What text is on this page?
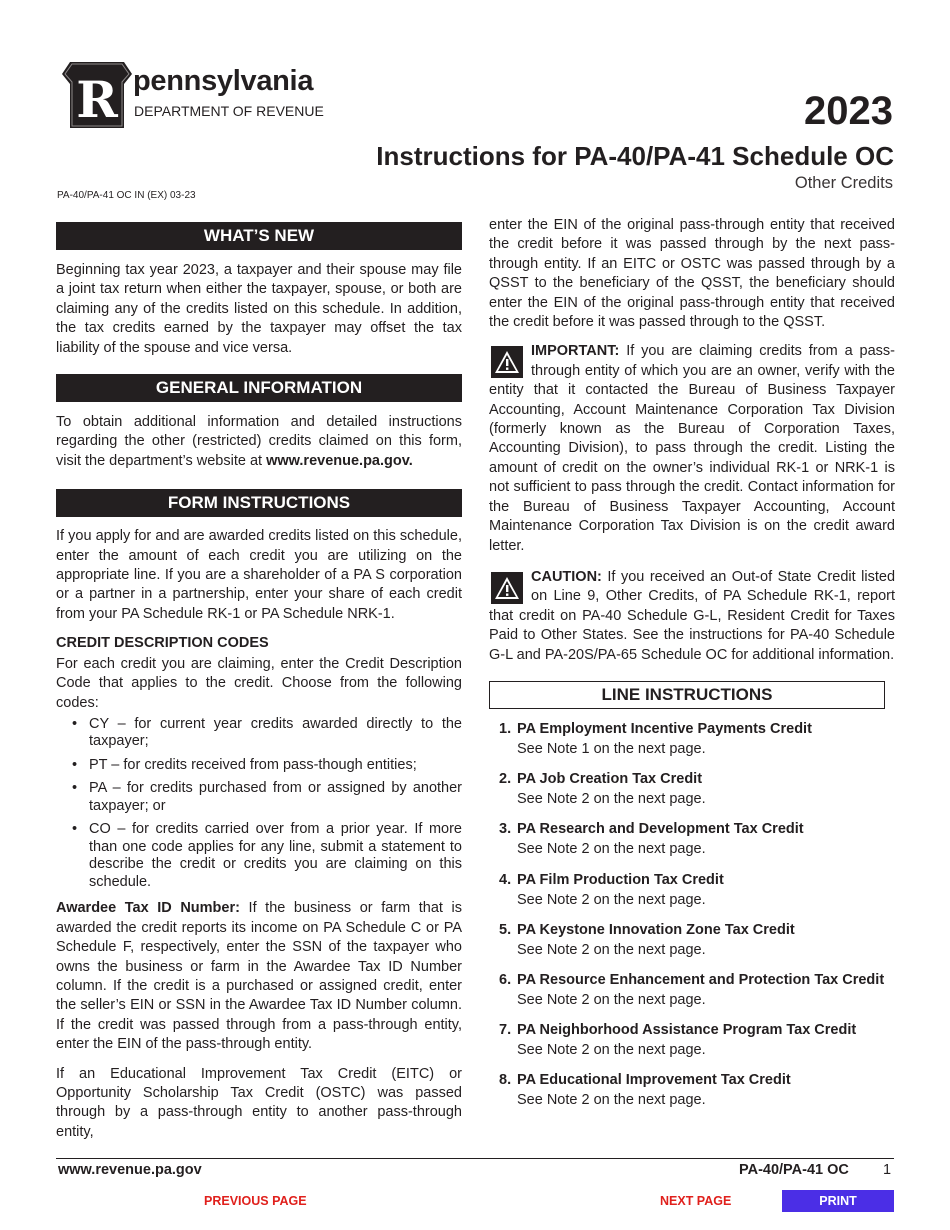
R pennsylvania
DEPARTMENT OF REVENUE	2023
Instructions for PA-40/PA-41 Schedule OC
Other Credits
PA-40/PA-41 OC IN (EX) 03-23
WHAT’S NEW

Beginning tax year 2023, a taxpayer and their spouse may file a joint tax return when either the taxpayer, spouse, or both are claiming any of the credits listed on this schedule. In addition, the tax credits earned by the taxpayer may offset the tax liability of the spouse and vice versa.

GENERAL INFORMATION

To obtain additional information and detailed instructions regarding the other (restricted) credits claimed on this form, visit the department’s website at www.revenue.pa.gov.

FORM INSTRUCTIONS

If you apply for and are awarded credits listed on this schedule, enter the amount of each credit you are utilizing on the appropriate line. If you are a shareholder of a PA S corporation or a partner in a partnership, enter your share of each credit from your PA Schedule RK-1 or PA Schedule NRK-1.

CREDIT DESCRIPTION CODES

For each credit you are claiming, enter the Credit Description Code that applies to the credit. Choose from the following codes:

• CY – for current year credits awarded directly to the taxpayer;
• PT – for credits received from pass-though entities;
• PA – for credits purchased from or assigned by another taxpayer; or
• CO – for credits carried over from a prior year. If more than one code applies for any line, submit a statement to describe the credit or credits you are claiming on this schedule.

Awardee Tax ID Number: If the business or farm that is awarded the credit reports its income on PA Schedule C or PA Schedule F, respectively, enter the SSN of the taxpayer who owns the business or farm in the Awardee Tax ID Number column. If the credit is a purchased or assigned credit, enter the seller’s EIN or SSN in the Awardee Tax ID Number column. If the credit was passed through from a pass-through entity, enter the EIN of the pass-through entity.

If an Educational Improvement Tax Credit (EITC) or Opportunity Scholarship Tax Credit (OSTC) was passed through by a pass-through entity to another pass-through entity,

enter the EIN of the original pass-through entity that received the credit before it was passed through by the next pass-through entity. If an EITC or OSTC was passed through by a QSST to the beneficiary of the QSST, the beneficiary should enter the EIN of the original pass-through entity that received the credit before it was passed through to the QSST.

IMPORTANT: If you are claiming credits from a pass-through entity of which you are an owner, verify with the entity that it contacted the Bureau of Business Taxpayer Accounting, Account Maintenance Corporation Tax Division (formerly known as the Bureau of Corporation Taxes, Accounting Division), to pass through the credit. Listing the amount of credit on the owner’s individual RK-1 or NRK-1 is not sufficient to pass through the credit. Contact information for the Bureau of Business Taxpayer Accounting, Account Maintenance Corporation Tax Division is on the credit award letter.
CAUTION: If you received an Out-of State Credit listed on Line 9, Other Credits, of PA Schedule RK-1, report that credit on PA-40 Schedule G-L, Resident Credit for Taxes Paid to Other States. See the instructions for PA-40 Schedule G-L and PA-20S/PA-65 Schedule OC for additional information.
LINE INSTRUCTIONS
1. PA Employment Incentive Payments Credit
See Note 1 on the next page.
2. PA Job Creation Tax Credit
See Note 2 on the next page.
3. PA Research and Development Tax Credit
See Note 2 on the next page.
4. PA Film Production Tax Credit
See Note 2 on the next page.
5. PA Keystone Innovation Zone Tax Credit
See Note 2 on the next page.
6. PA Resource Enhancement and Protection Tax Credit
See Note 2 on the next page.
7. PA Neighborhood Assistance Program Tax Credit
See Note 2 on the next page.
8. PA Educational Improvement Tax Credit
See Note 2 on the next page.
www.revenue.pa.gov	PA-40/PA-41 OC 1
PREVIOUS PAGE	NEXT PAGE	PRINT
